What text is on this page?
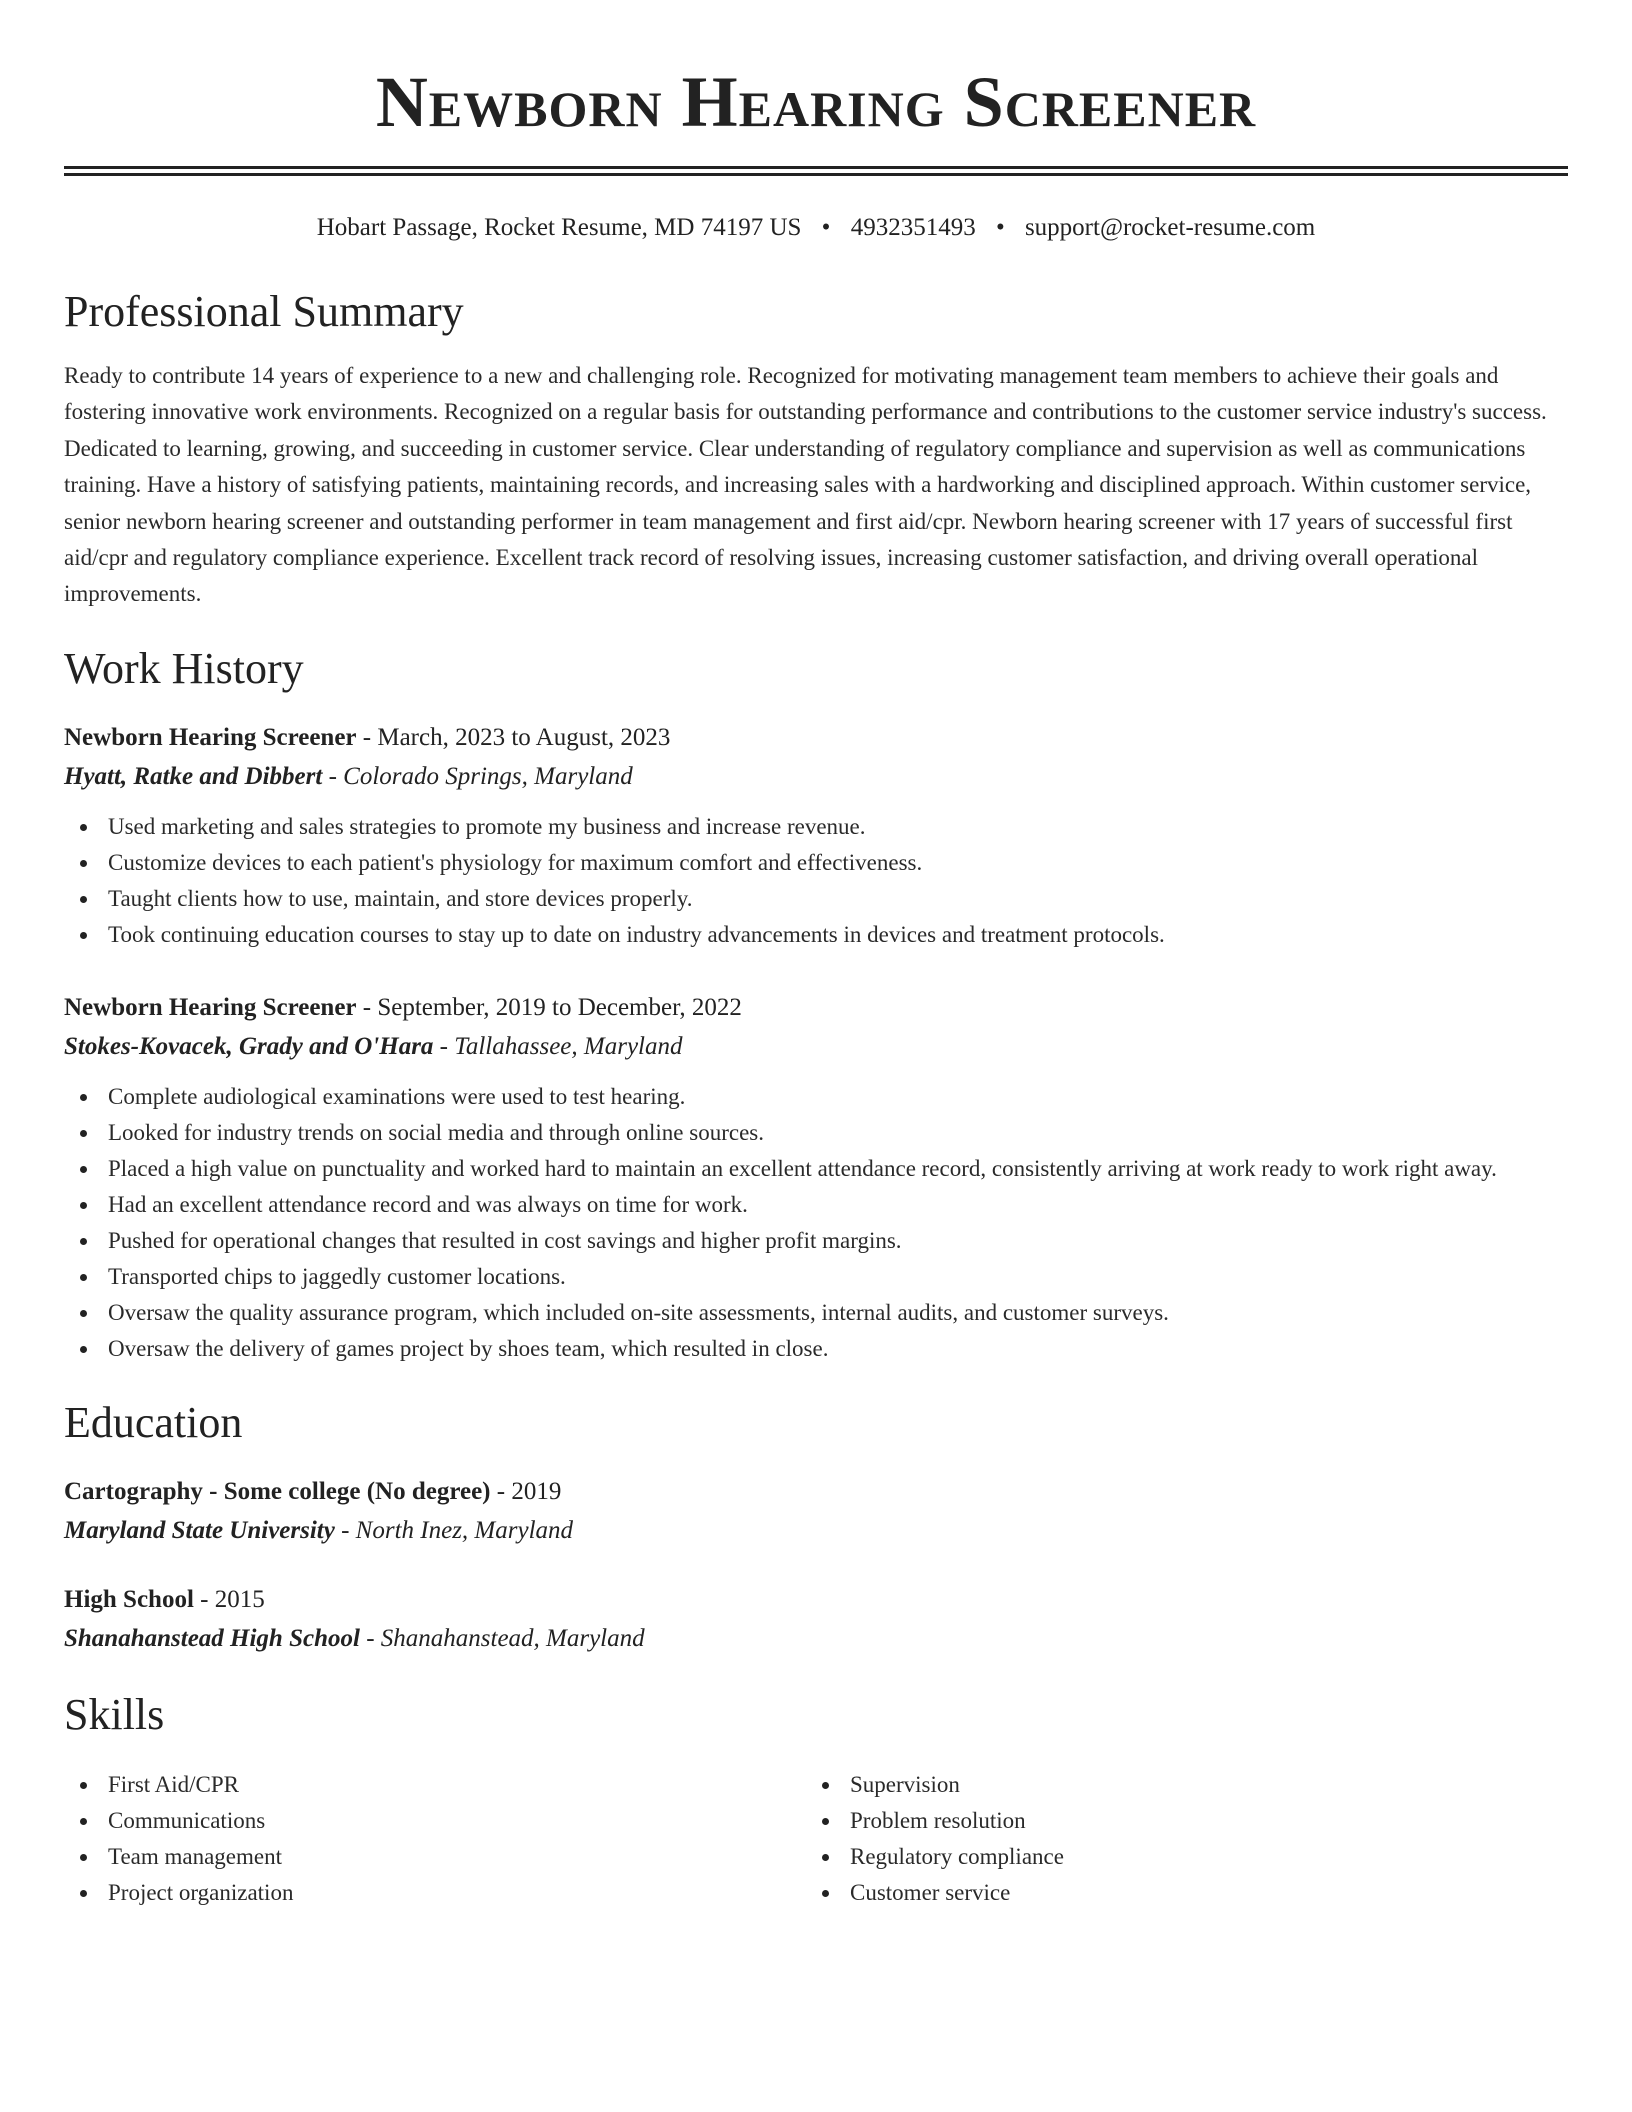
Newborn Hearing Screener
Hobart Passage, Rocket Resume, MD 74197 US • 4932351493 • support@rocket-resume.com
Professional Summary

Ready to contribute 14 years of experience to a new and challenging role. Recognized for motivating management team members to achieve their goals and fostering innovative work environments. Recognized on a regular basis for outstanding performance and contributions to the customer service industry's success. Dedicated to learning, growing, and succeeding in customer service. Clear understanding of regulatory compliance and supervision as well as communications training. Have a history of satisfying patients, maintaining records, and increasing sales with a hardworking and disciplined approach. Within customer service, senior newborn hearing screener and outstanding performer in team management and first aid/cpr. Newborn hearing screener with 17 years of successful first aid/cpr and regulatory compliance experience. Excellent track record of resolving issues, increasing customer satisfaction, and driving overall operational improvements.

Work History
Newborn Hearing Screener - March, 2023 to August, 2023
Hyatt, Ratke and Dibbert - Colorado Springs, Maryland
Used marketing and sales strategies to promote my business and increase revenue.
Customize devices to each patient's physiology for maximum comfort and effectiveness.
Taught clients how to use, maintain, and store devices properly.
Took continuing education courses to stay up to date on industry advancements in devices and treatment protocols.
Newborn Hearing Screener - September, 2019 to December, 2022
Stokes-Kovacek, Grady and O'Hara - Tallahassee, Maryland
Complete audiological examinations were used to test hearing.
Looked for industry trends on social media and through online sources.
Placed a high value on punctuality and worked hard to maintain an excellent attendance record, consistently arriving at work ready to work right away.
Had an excellent attendance record and was always on time for work.
Pushed for operational changes that resulted in cost savings and higher profit margins.
Transported chips to jaggedly customer locations.
Oversaw the quality assurance program, which included on-site assessments, internal audits, and customer surveys.
Oversaw the delivery of games project by shoes team, which resulted in close.
Education
Cartography - Some college (No degree) - 2019
Maryland State University - North Inez, Maryland
High School - 2015
Shanahanstead High School - Shanahanstead, Maryland
Skills
First Aid/CPR
Communications
Team management
Project organization
Supervision
Problem resolution
Regulatory compliance
Customer service
